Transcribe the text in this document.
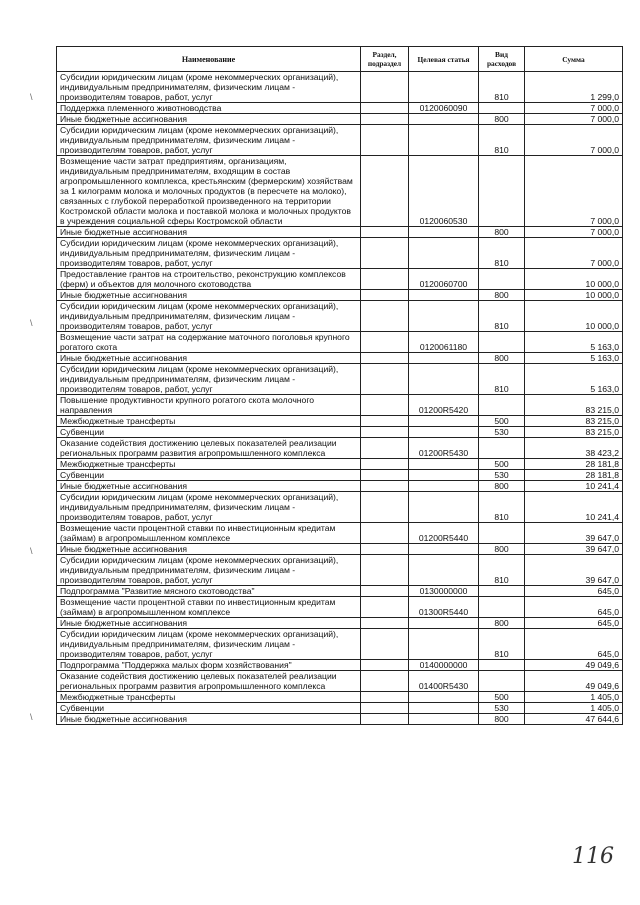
Наименование	Раздел, подраздел	Целевая статья	Вид расходов	Сумма
Субсидии юридическим лицам (кроме некоммерческих организаций), индивидуальным предпринимателям, физическим лицам - производителям товаров, работ, услуг			810	1 299,0
Поддержка племенного животноводства		0120060090		7 000,0
Иные бюджетные ассигнования			800	7 000,0
Субсидии юридическим лицам (кроме некоммерческих организаций), индивидуальным предпринимателям, физическим лицам - производителям товаров, работ, услуг			810	7 000,0
Возмещение части затрат предприятиям, организациям, индивидуальным предпринимателям, входящим в состав агропромышленного комплекса, крестьянским (фермерским) хозяйствам за 1 килограмм молока и молочных продуктов (в пересчете на молоко), связанных с глубокой переработкой произведенного на территории Костромской области молока и поставкой молока и молочных продуктов в учреждения социальной сферы Костромской области		0120060530		7 000,0
Иные бюджетные ассигнования			800	7 000,0
Субсидии юридическим лицам (кроме некоммерческих организаций), индивидуальным предпринимателям, физическим лицам - производителям товаров, работ, услуг			810	7 000,0
Предоставление грантов на строительство, реконструкцию комплексов (ферм) и объектов для молочного скотоводства		0120060700		10 000,0
Иные бюджетные ассигнования			800	10 000,0
Субсидии юридическим лицам (кроме некоммерческих организаций), индивидуальным предпринимателям, физическим лицам - производителям товаров, работ, услуг			810	10 000,0
Возмещение части затрат на содержание маточного поголовья крупного рогатого скота		0120061180		5 163,0
Иные бюджетные ассигнования			800	5 163,0
Субсидии юридическим лицам (кроме некоммерческих организаций), индивидуальным предпринимателям, физическим лицам - производителям товаров, работ, услуг			810	5 163,0
Повышение продуктивности крупного рогатого скота молочного направления		01200R5420		83 215,0
Межбюджетные трансферты			500	83 215,0
Субвенции			530	83 215,0
Оказание содействия достижению целевых показателей реализации региональных программ развития агропромышленного комплекса		01200R5430		38 423,2
Межбюджетные трансферты			500	28 181,8
Субвенции			530	28 181,8
Иные бюджетные ассигнования			800	10 241,4
Субсидии юридическим лицам (кроме некоммерческих организаций), индивидуальным предпринимателям, физическим лицам - производителям товаров, работ, услуг			810	10 241,4
Возмещение части процентной ставки по инвестиционным кредитам (займам) в агропромышленном комплексе		01200R5440		39 647,0
Иные бюджетные ассигнования			800	39 647,0
Субсидии юридическим лицам (кроме некоммерческих организаций), индивидуальным предпринимателям, физическим лицам - производителям товаров, работ, услуг			810	39 647,0
Подпрограмма "Развитие мясного скотоводства"		0130000000		645,0
Возмещение части процентной ставки по инвестиционным кредитам (займам) в агропромышленном комплексе		01300R5440		645,0
Иные бюджетные ассигнования			800	645,0
Субсидии юридическим лицам (кроме некоммерческих организаций), индивидуальным предпринимателям, физическим лицам - производителям товаров, работ, услуг			810	645,0
Подпрограмма "Поддержка малых форм хозяйствования"		0140000000		49 049,6
Оказание содействия достижению целевых показателей реализации региональных программ развития агропромышленного комплекса		01400R5430		49 049,6
Межбюджетные трансферты			500	1 405,0
Субвенции			530	1 405,0
Иные бюджетные ассигнования			800	47 644,6
\
\
\
\
116
